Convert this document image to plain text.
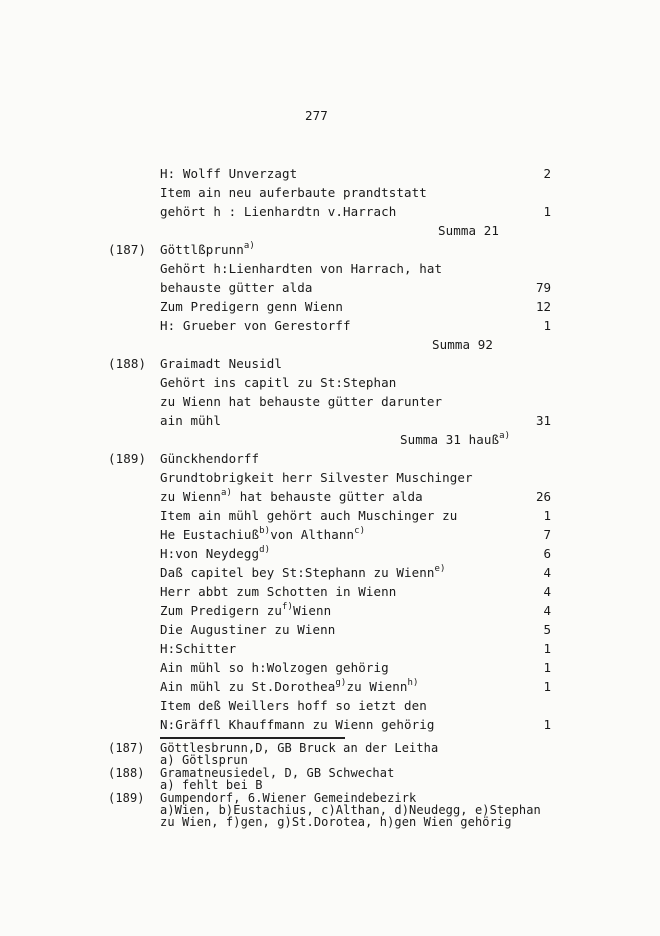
277
H: Wolff Unverzagt	2
Item ain neu auferbaute prandtstatt
gehört h : Lienhardtn v.Harrach	1
Summa 21
(187) Göttlßprunn$^{a)}$
Gehört h:Lienhardten von Harrach, hat
behauste gütter alda	79
Zum Predigern genn Wienn	12
H: Grueber von Gerestorff	1
Summa 92
(188) Graimadt Neusidl
Gehört ins capitl zu St:Stephan
zu Wienn hat behauste gütter darunter
ain mühl	31
Summa 31 hauß$^{a)}$
(189) Günckhendorff
Grundtobrigkeit herr Silvester Muschinger
zu Wienn$^{a)}$ hat behauste gütter alda	26
Item ain mühl gehört auch Muschinger zu	1
He Eustachiuß$^{b)}$von Althann$^{c)}$	7
H:von Neydegg$^{d)}$	6
Daß capitel bey St:Stephann zu Wienn$^{e)}$	4
Herr abbt zum Schotten in Wienn	4
Zum Predigern $zu^{f)}Wienn$	4
Die Augustiner zu Wienn	5
H:Schitter	1
Ain mühl so h:Wolzogen gehörig	1
Ain mühl zu St.Dorothea$^{g)}$zu Wienn$^{h)}$	1
Item deß Weillers hoff so ietzt den
N:Gräffl Khauffmann zu Wienn gehörig	1
(187) Göttlesbrunn,D, GB Bruck an der Leitha
a) Götlsprun
(188) Gramatneusiedel, D, GB Schwechat
a) fehlt bei B
(189) Gumpendorf, 6.Wiener Gemeindebezirk
a)Wien, b)Eustachius, c)Althan, d)Neudegg, e)Stephan
zu Wien, f)gen, g)St.Dorotea, h)gen Wien gehörig
